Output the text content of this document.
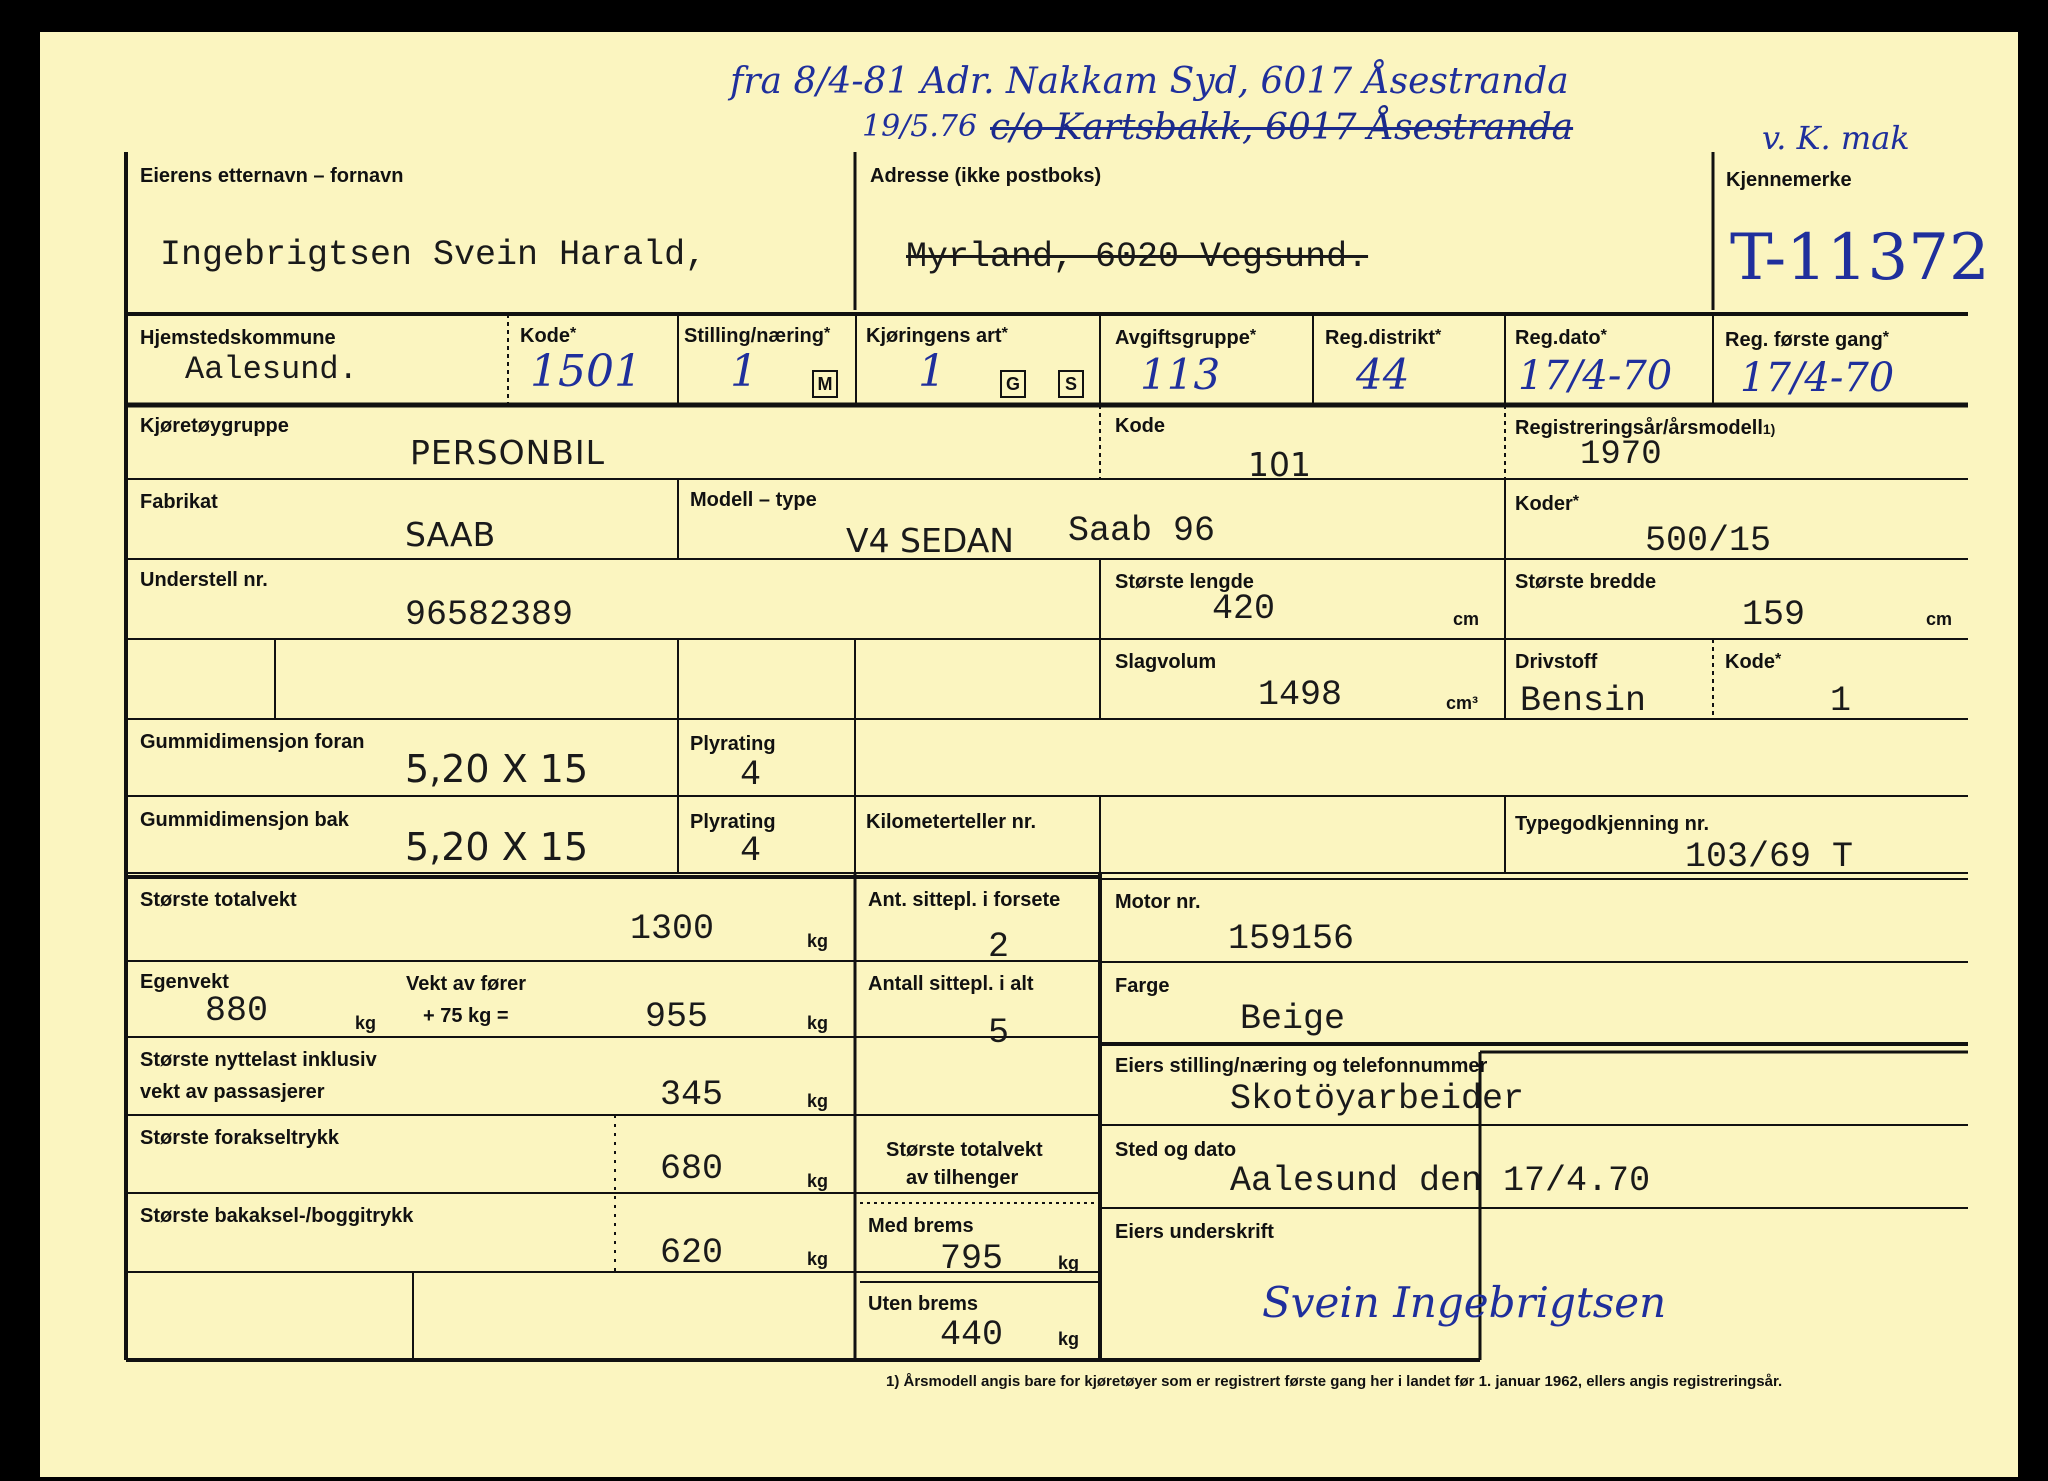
fra 8/4-81 Adr. Nakkam Syd, 6017 Åsestranda
19/5.76 c/o Kartsbakk, 6017 Åsestranda	v. K. mak
Eierens etternavn – fornavn
Ingebrigtsen Svein Harald,
Adresse (ikke postboks)
Myrland, 6020 Vegsund.
Kjennemerke
T-11372
Hjemstedskommune
Aalesund.
Kode*
1501
Stilling/næring*
1	M
Kjøringens art*
1	G	S
Avgiftsgruppe*
113
Reg.distrikt*
44
Reg.dato*
17/4-70
Reg. første gang*
17/4-70
Kjøretøygruppe
PERSONBIL
Kode
101
Registreringsår/årsmodell1)
1970
Fabrikat
SAAB
Modell – type
V4 SEDAN Saab 96
Koder*
500/15
Understell nr.
96582389
Største lengde
420	cm
Største bredde
159	cm
Slagvolum
1498	cm³
Drivstoff
Bensin
Kode*
1
Gummidimensjon foran
5,20 X 15
Plyrating
4
Gummidimensjon bak
5,20 X 15
Plyrating
4
Kilometerteller nr.	Typegodkjenning nr.
103/69 T
Største totalvekt
1300	kg
Egenvekt
880	kg
Vekt av fører
+ 75 kg =	955	kg
Største nyttelast inklusiv
vekt av passasjerer	345	kg
Største forakseltrykk
680	kg
Største bakaksel-/boggitrykk
620	kg
Ant. sittepl. i forsete
2
Antall sittepl. i alt
5
Største totalvekt
av tilhenger
Med brems
795	kg
Uten brems
440	kg
Motor nr.
159156
Farge
Beige
Eiers stilling/næring og telefonnummer
Skotöyarbeider
Sted og dato
Aalesund den 17/4.70
Eiers underskrift
Svein Ingebrigtsen
1) Årsmodell angis bare for kjøretøyer som er registrert første gang her i landet før 1. januar 1962, ellers angis registreringsår.
